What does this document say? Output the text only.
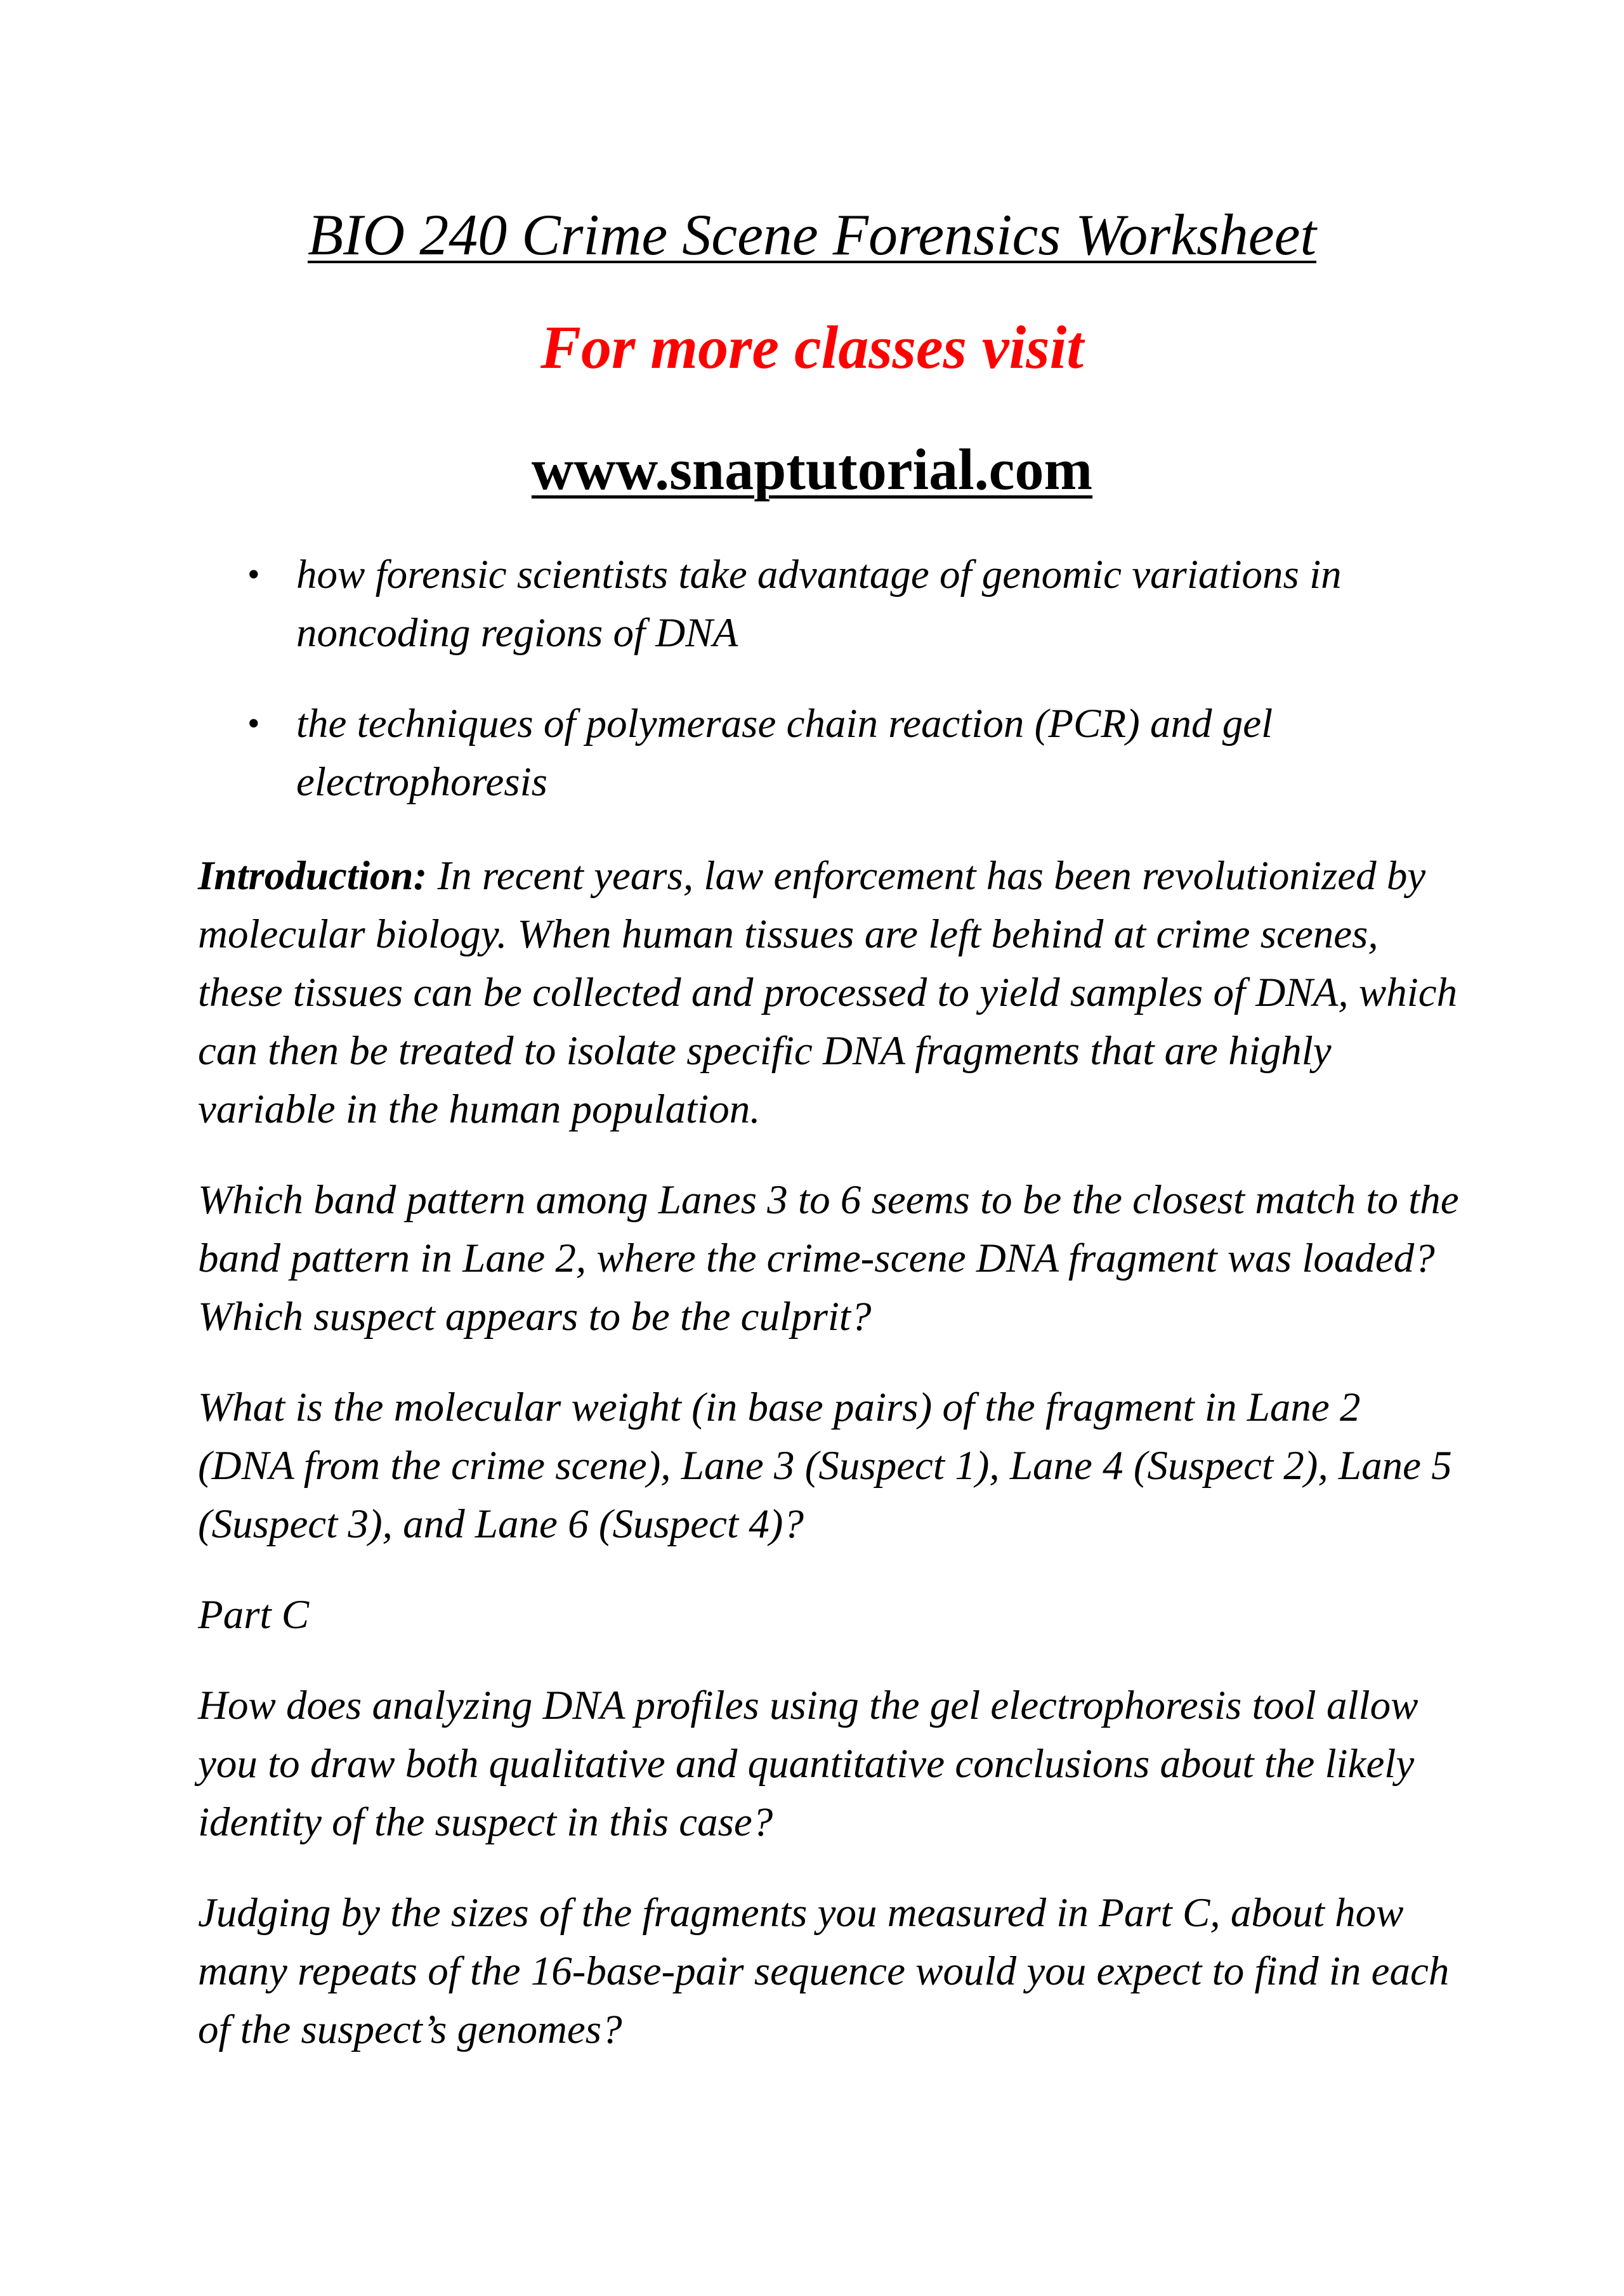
BIO 240 Crime Scene Forensics Worksheet
For more classes visit
www.snaptutorial.com
• how forensic scientists take advantage of genomic variations in noncoding regions of DNA
• the techniques of polymerase chain reaction (PCR) and gel electrophoresis

Introduction: In recent years, law enforcement has been revolutionized by molecular biology. When human tissues are left behind at crime scenes, these tissues can be collected and processed to yield samples of DNA, which can then be treated to isolate specific DNA fragments that are highly variable in the human population.

Which band pattern among Lanes 3 to 6 seems to be the closest match to the band pattern in Lane 2, where the crime-scene DNA fragment was loaded? Which suspect appears to be the culprit?

What is the molecular weight (in base pairs) of the fragment in Lane 2 (DNA from the crime scene), Lane 3 (Suspect 1), Lane 4 (Suspect 2), Lane 5 (Suspect 3), and Lane 6 (Suspect 4)?

Part C

How does analyzing DNA profiles using the gel electrophoresis tool allow you to draw both qualitative and quantitative conclusions about the likely identity of the suspect in this case?

Judging by the sizes of the fragments you measured in Part C, about how many repeats of the 16-base-pair sequence would you expect to find in each of the suspect’s genomes?
